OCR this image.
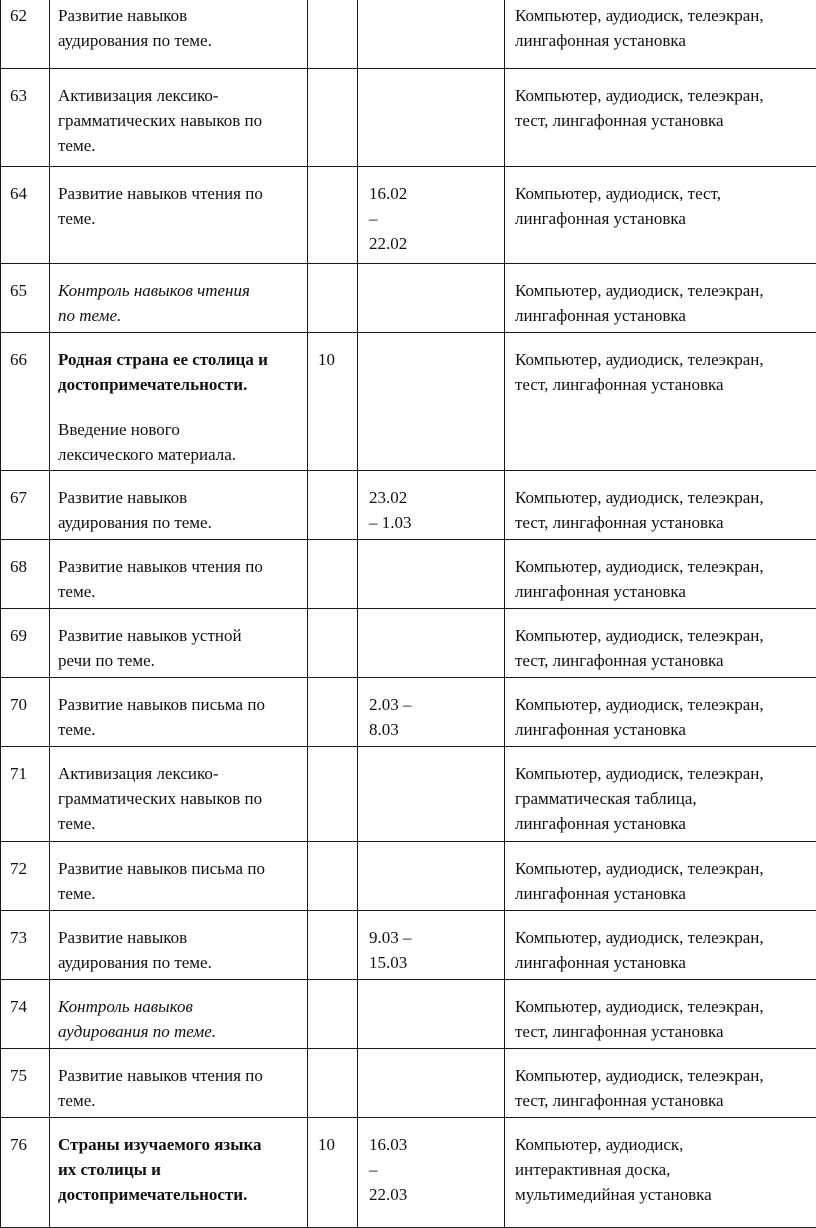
62	Развитие навыков
аудирования по теме.			Компьютер, аудиодиск, телеэкран,
лингафонная установка

63	Активизация лексико-
грамматических навыков по
теме.			Компьютер, аудиодиск, телеэкран,
тест, лингафонная установка

64	Развитие навыков чтения по
теме.		16.02
–
22.02	Компьютер, аудиодиск, тест,
лингафонная установка

65	Контроль навыков чтения
по теме.			Компьютер, аудиодиск, телеэкран,
лингафонная установка

66	Родная страна ее столица и
достопримечательности.
Введение нового
лексического материала.	10		Компьютер, аудиодиск, телеэкран,
тест, лингафонная установка

67	Развитие навыков
аудирования по теме.		23.02
– 1.03	Компьютер, аудиодиск, телеэкран,
тест, лингафонная установка

68	Развитие навыков чтения по
теме.			Компьютер, аудиодиск, телеэкран,
лингафонная установка

69	Развитие навыков устной
речи по теме.			Компьютер, аудиодиск, телеэкран,
тест, лингафонная установка

70	Развитие навыков письма по
теме.		2.03 –
8.03	Компьютер, аудиодиск, телеэкран,
лингафонная установка

71	Активизация лексико-
грамматических навыков по
теме.			Компьютер, аудиодиск, телеэкран,
грамматическая таблица,
лингафонная установка

72	Развитие навыков письма по
теме.			Компьютер, аудиодиск, телеэкран,
лингафонная установка

73	Развитие навыков
аудирования по теме.		9.03 –
15.03	Компьютер, аудиодиск, телеэкран,
лингафонная установка

74	Контроль навыков
аудирования по теме.			Компьютер, аудиодиск, телеэкран,
тест, лингафонная установка

75	Развитие навыков чтения по
теме.			Компьютер, аудиодиск, телеэкран,
тест, лингафонная установка

76	Страны изучаемого языка
их столицы и
достопримечательности.	10	16.03
–
22.03	Компьютер, аудиодиск,
интерактивная доска,
мультимедийная установка
